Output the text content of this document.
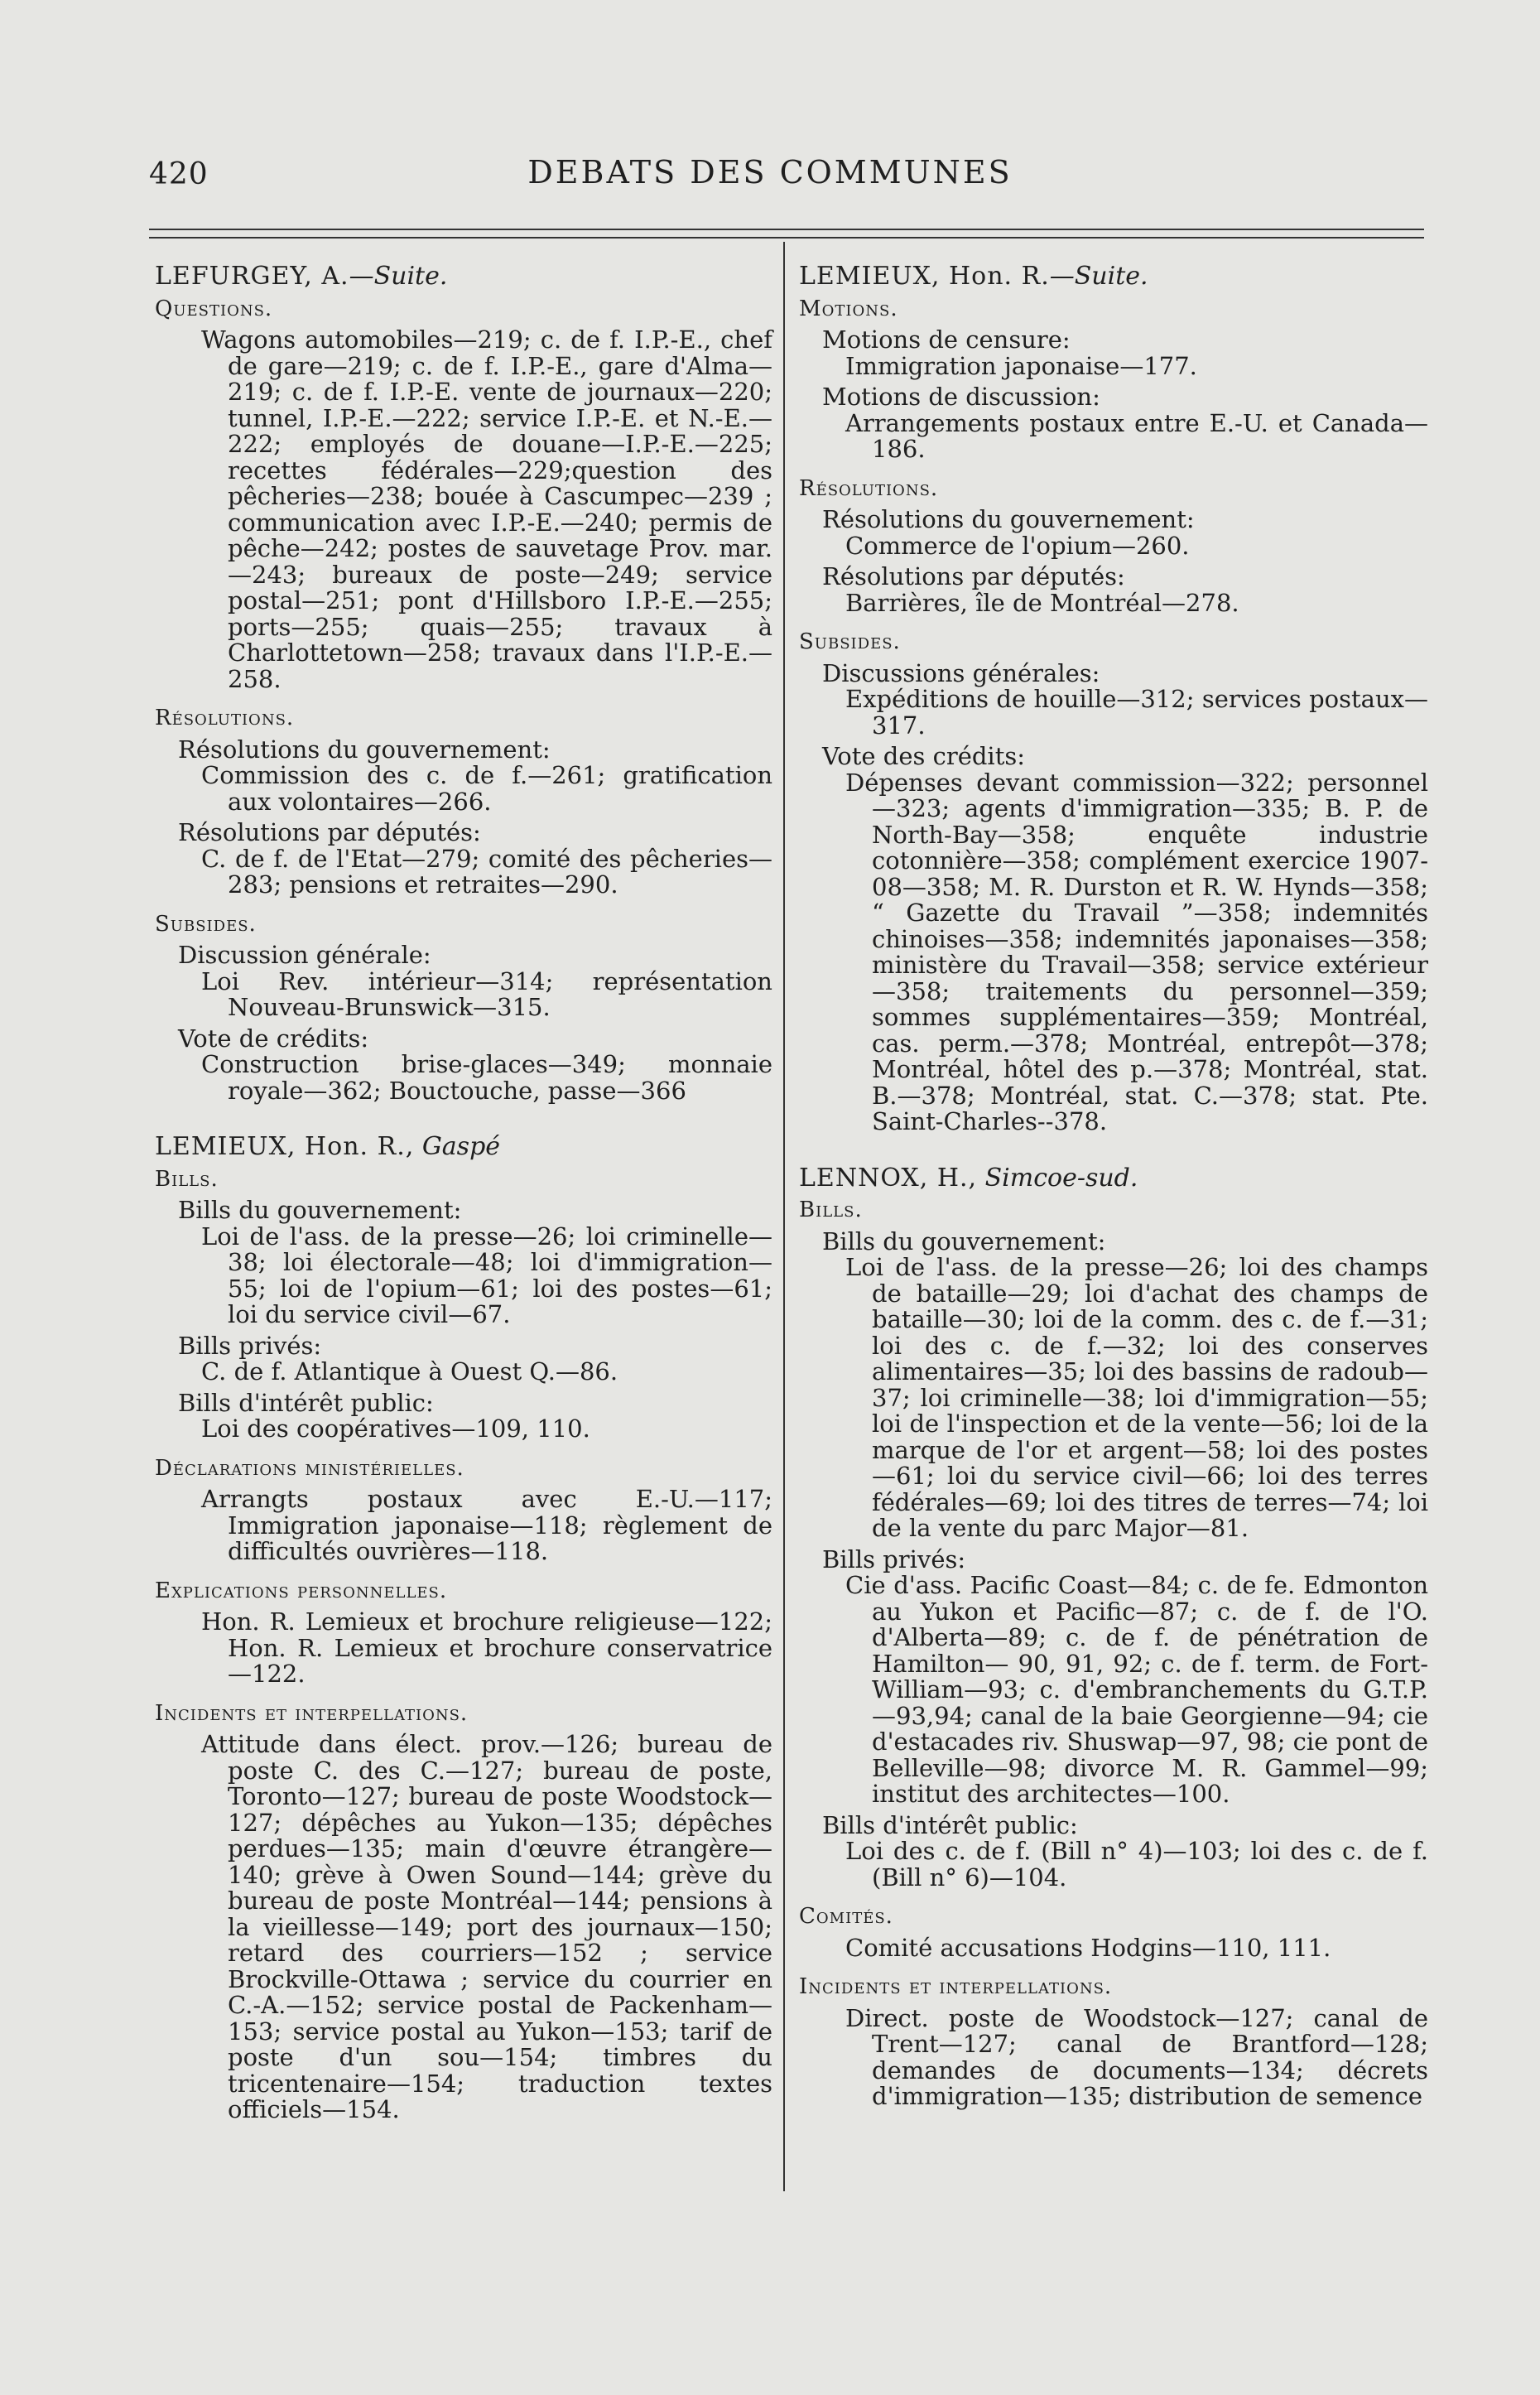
420	DEBATS DES COMMUNES
LEFURGEY, A.—Suite.
Questions.
Wagons automobiles—219; c. de f. I.P.-E., chef de gare—219; c. de f. I.P.-E., gare d'Alma—219; c. de f. I.P.-E. vente de journaux—220; tunnel, I.P.-E.—222; service I.P.-E. et N.-E.—222; employés de douane—I.P.-E.—225; recettes fédérales—229;question des pêcheries—238; bouée à Cascumpec—239 ; communication avec I.P.-E.—240; permis de pêche—242; postes de sauvetage Prov. mar.—243; bureaux de poste—249; service postal—251; pont d'Hillsboro I.P.-E.—255; ports—255; quais—255; travaux à Charlottetown—258; travaux dans l'I.P.-E.—258.
Résolutions.
Résolutions du gouvernement:
Commission des c. de f.—261; gratification aux volontaires—266.
Résolutions par députés:
C. de f. de l'Etat—279; comité des pêcheries—283; pensions et retraites—290.
Subsides.
Discussion générale:
Loi Rev. intérieur—314; représentation Nouveau-Brunswick—315.
Vote de crédits:
Construction brise-glaces—349; monnaie royale—362; Bouctouche, passe—366
LEMIEUX, Hon. R., Gaspé
Bills.
Bills du gouvernement:
Loi de l'ass. de la presse—26; loi criminelle—38; loi électorale—48; loi d'immigration—55; loi de l'opium—61; loi des postes—61; loi du service civil—67.
Bills privés:
C. de f. Atlantique à Ouest Q.—86.
Bills d'intérêt public:
Loi des coopératives—109, 110.
Déclarations ministérielles.
Arrangts postaux avec E.-U.—117; Immigration japonaise—118; règlement de difficultés ouvrières—118.
Explications personnelles.
Hon. R. Lemieux et brochure religieuse—122; Hon. R. Lemieux et brochure conservatrice—122.
Incidents et interpellations.
Attitude dans élect. prov.—126; bureau de poste C. des C.—127; bureau de poste, Toronto—127; bureau de poste Woodstock—127; dépêches au Yukon—135; dépêches perdues—135; main d'œuvre étrangère—140; grève à Owen Sound—144; grève du bureau de poste Montréal—144; pensions à la vieillesse—149; port des journaux—150; retard des courriers—152 ; service Brockville-Ottawa ; service du courrier en C.-A.—152; service postal de Packenham—153; service postal au Yukon—153; tarif de poste d'un sou—154; timbres du tricentenaire—154; traduction textes officiels—154.
LEMIEUX, Hon. R.—Suite.
Motions.
Motions de censure:
Immigration japonaise—177.
Motions de discussion:
Arrangements postaux entre E.-U. et Canada—186.
Résolutions.
Résolutions du gouvernement:
Commerce de l'opium—260.
Résolutions par députés:
Barrières, île de Montréal—278.
Subsides.
Discussions générales:
Expéditions de houille—312; services postaux—317.
Vote des crédits:
Dépenses devant commission—322; personnel—323; agents d'immigration—335; B. P. de North-Bay—358; enquête industrie cotonnière—358; complément exercice 1907-08—358; M. R. Durston et R. W. Hynds—358; “ Gazette du Travail ”—358; indemnités chinoises—358; indemnités japonaises—358; ministère du Travail—358; service extérieur—358; traitements du personnel—359; sommes supplémentaires—359; Montréal, cas. perm.—378; Montréal, entrepôt—378; Montréal, hôtel des p.—378; Montréal, stat. B.—378; Montréal, stat. C.—378; stat. Pte. Saint-Charles--378.
LENNOX, H., Simcoe-sud.
Bills.
Bills du gouvernement:
Loi de l'ass. de la presse—26; loi des champs de bataille—29; loi d'achat des champs de bataille—30; loi de la comm. des c. de f.—31; loi des c. de f.—32; loi des conserves alimentaires—35; loi des bassins de radoub—37; loi criminelle—38; loi d'immigration—55; loi de l'inspection et de la vente—56; loi de la marque de l'or et argent—58; loi des postes—61; loi du service civil—66; loi des terres fédérales—69; loi des titres de terres—74; loi de la vente du parc Major—81.
Bills privés:
Cie d'ass. Pacific Coast—84; c. de fe. Edmonton au Yukon et Pacific—87; c. de f. de l'O. d'Alberta—89; c. de f. de pénétration de Hamilton— 90, 91, 92; c. de f. term. de Fort-William—93; c. d'embranchements du G.T.P.—93,94; canal de la baie Georgienne—94; cie d'estacades riv. Shuswap—97, 98; cie pont de Belleville—98; divorce M. R. Gammel—99; institut des architectes—100.
Bills d'intérêt public:
Loi des c. de f. (Bill n° 4)—103; loi des c. de f. (Bill n° 6)—104.
Comités.
Comité accusations Hodgins—110, 111.
Incidents et interpellations.
Direct. poste de Woodstock—127; canal de Trent—127; canal de Brantford—128; demandes de documents—134; décrets d'immigration—135; distribution de semence
